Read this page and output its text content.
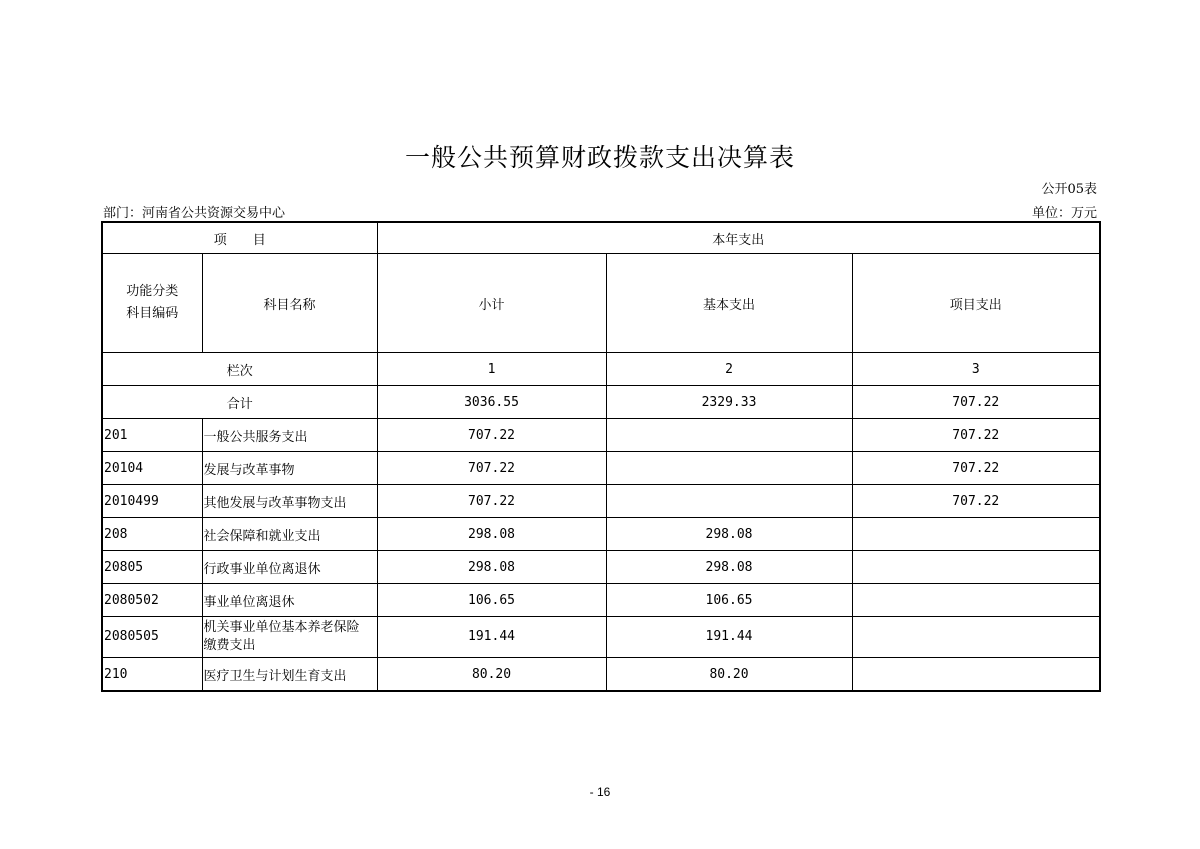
一般公共预算财政拨款支出决算表
公开05表
部门：河南省公共资源交易中心	单位：万元
项　　目		本年支出		
功能分类
科目编码	科目名称	小计	基本支出	项目支出
栏次		1	2	3
合计		3036.55	2329.33	707.22
201	一般公共服务支出	707.22		707.22
20104	发展与改革事物	707.22		707.22
2010499	其他发展与改革事物支出	707.22		707.22
208	社会保障和就业支出	298.08	298.08	
20805	行政事业单位离退休	298.08	298.08	
2080502	事业单位离退休	106.65	106.65	
2080505	机关事业单位基本养老保险
缴费支出	191.44	191.44	
210	医疗卫生与计划生育支出	80.20	80.20	
- 16
